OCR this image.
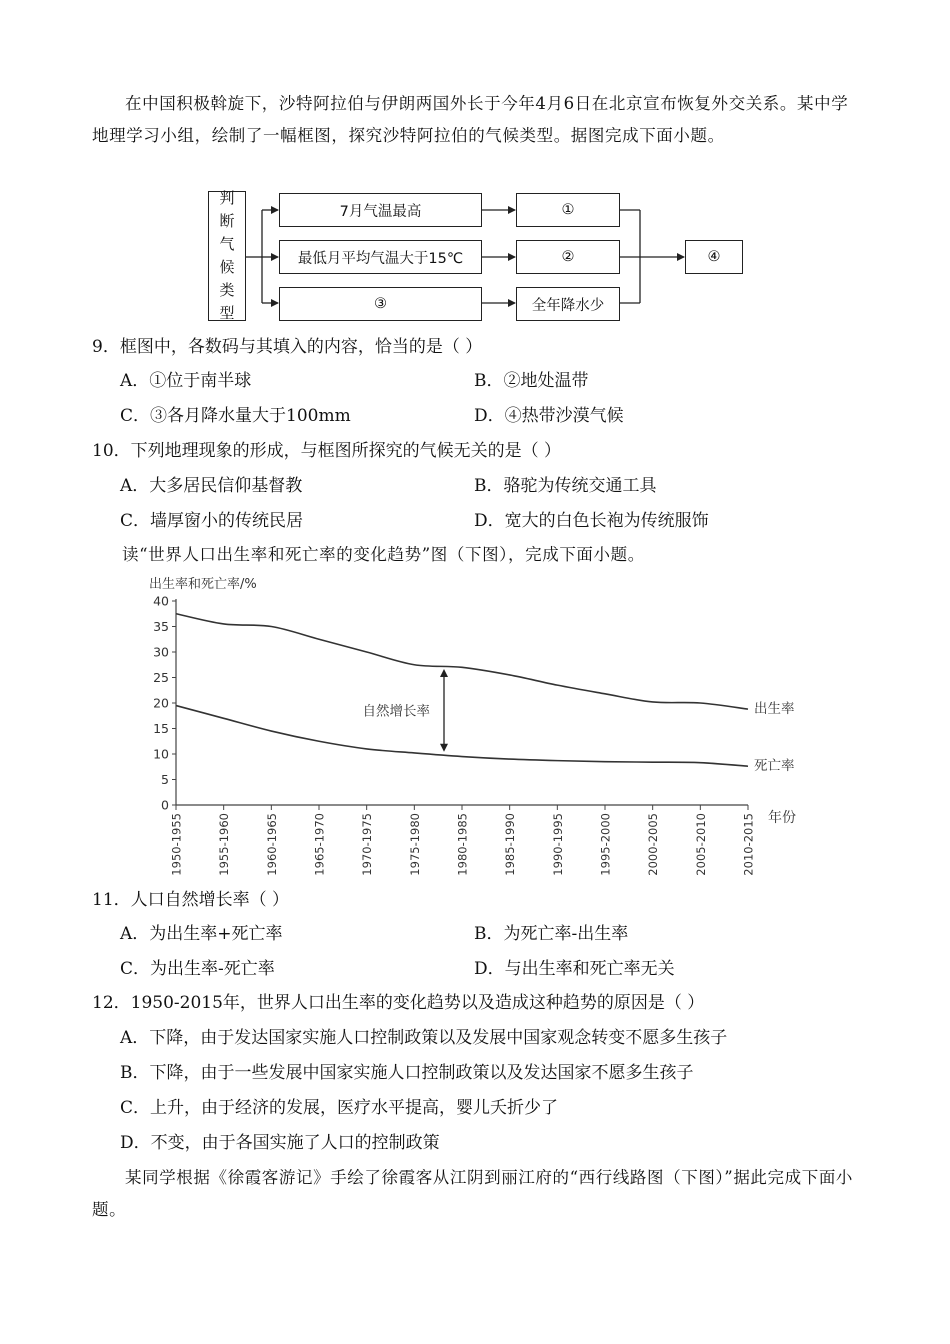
在中国积极斡旋下，沙特阿拉伯与伊朗两国外长于今年4月6日在北京宣布恢复外交关系。某中学地理学习小组，绘制了一幅框图，探究沙特阿拉伯的气候类型。据图完成下面小题。

判
断
气
候
类
型
7月气温最高
最低月平均气温大于15℃
③
①
②
全年降水少
④
9．框图中，各数码与其填入的内容，恰当的是（ ）
A．①位于南半球	B．②地处温带
C．③各月降水量大于100mm	D．④热带沙漠气候
10．下列地理现象的形成，与框图所探究的气候无关的是（ ）
A．大多居民信仰基督教	B．骆驼为传统交通工具
C．墙厚窗小的传统民居	D．宽大的白色长袍为传统服饰
读“世界人口出生率和死亡率的变化趋势”图（下图），完成下面小题。
出生率和死亡率/%
年份
0
5
10
15
20
25
30
35
40
1950-1955	1955-1960	1960-1965	1965-1970	1970-1975	1975-1980	1980-1985	1985-1990	1990-1995	1995-2000	2000-2005	2005-2010	2010-2015
出生率
死亡率
自然增长率
11．人口自然增长率（ ）
A．为出生率+死亡率	B．为死亡率-出生率
C．为出生率-死亡率	D．与出生率和死亡率无关
12．1950-2015年，世界人口出生率的变化趋势以及造成这种趋势的原因是（ ）
A．下降，由于发达国家实施人口控制政策以及发展中国家观念转变不愿多生孩子
B．下降，由于一些发展中国家实施人口控制政策以及发达国家不愿多生孩子
C．上升，由于经济的发展，医疗水平提高，婴儿夭折少了
D．不变，由于各国实施了人口的控制政策

某同学根据《徐霞客游记》手绘了徐霞客从江阴到丽江府的“西行线路图（下图）”据此完成下面小题。
